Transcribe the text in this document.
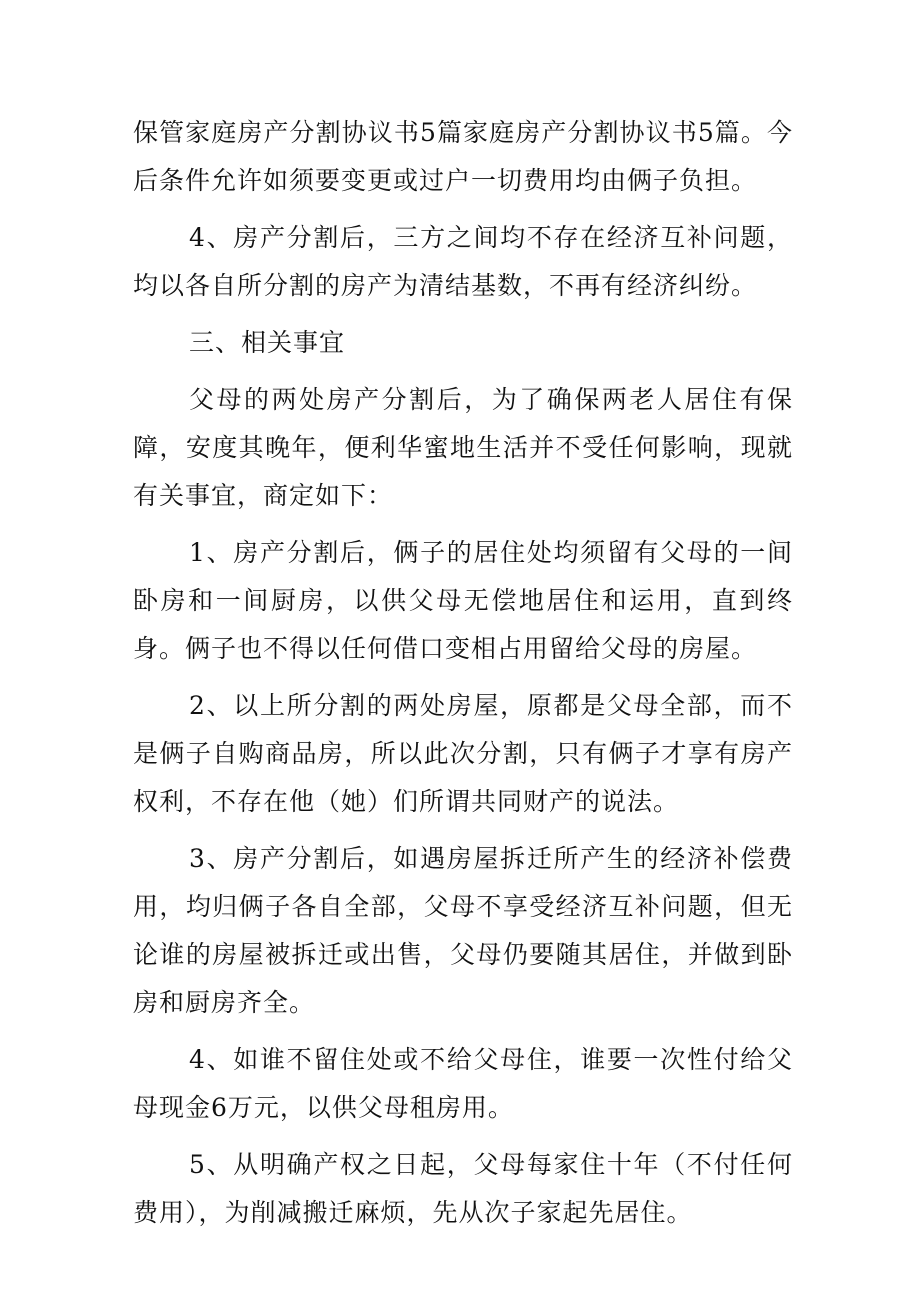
保管家庭房产分割协议书5篇家庭房产分割协议书5篇。今后条件允许如须要变更或过户一切费用均由俩子负担。

4、房产分割后，三方之间均不存在经济互补问题，均以各自所分割的房产为清结基数，不再有经济纠纷。

三、相关事宜

父母的两处房产分割后，为了确保两老人居住有保障，安度其晚年，便利华蜜地生活并不受任何影响，现就有关事宜，商定如下：

1、房产分割后，俩子的居住处均须留有父母的一间卧房和一间厨房，以供父母无偿地居住和运用，直到终身。俩子也不得以任何借口变相占用留给父母的房屋。

2、以上所分割的两处房屋，原都是父母全部，而不是俩子自购商品房，所以此次分割，只有俩子才享有房产权利，不存在他（她）们所谓共同财产的说法。

3、房产分割后，如遇房屋拆迁所产生的经济补偿费用，均归俩子各自全部，父母不享受经济互补问题，但无论谁的房屋被拆迁或出售，父母仍要随其居住，并做到卧房和厨房齐全。

4、如谁不留住处或不给父母住，谁要一次性付给父母现金6万元，以供父母租房用。

5、从明确产权之日起，父母每家住十年（不付任何费用），为削减搬迁麻烦，先从次子家起先居住。
